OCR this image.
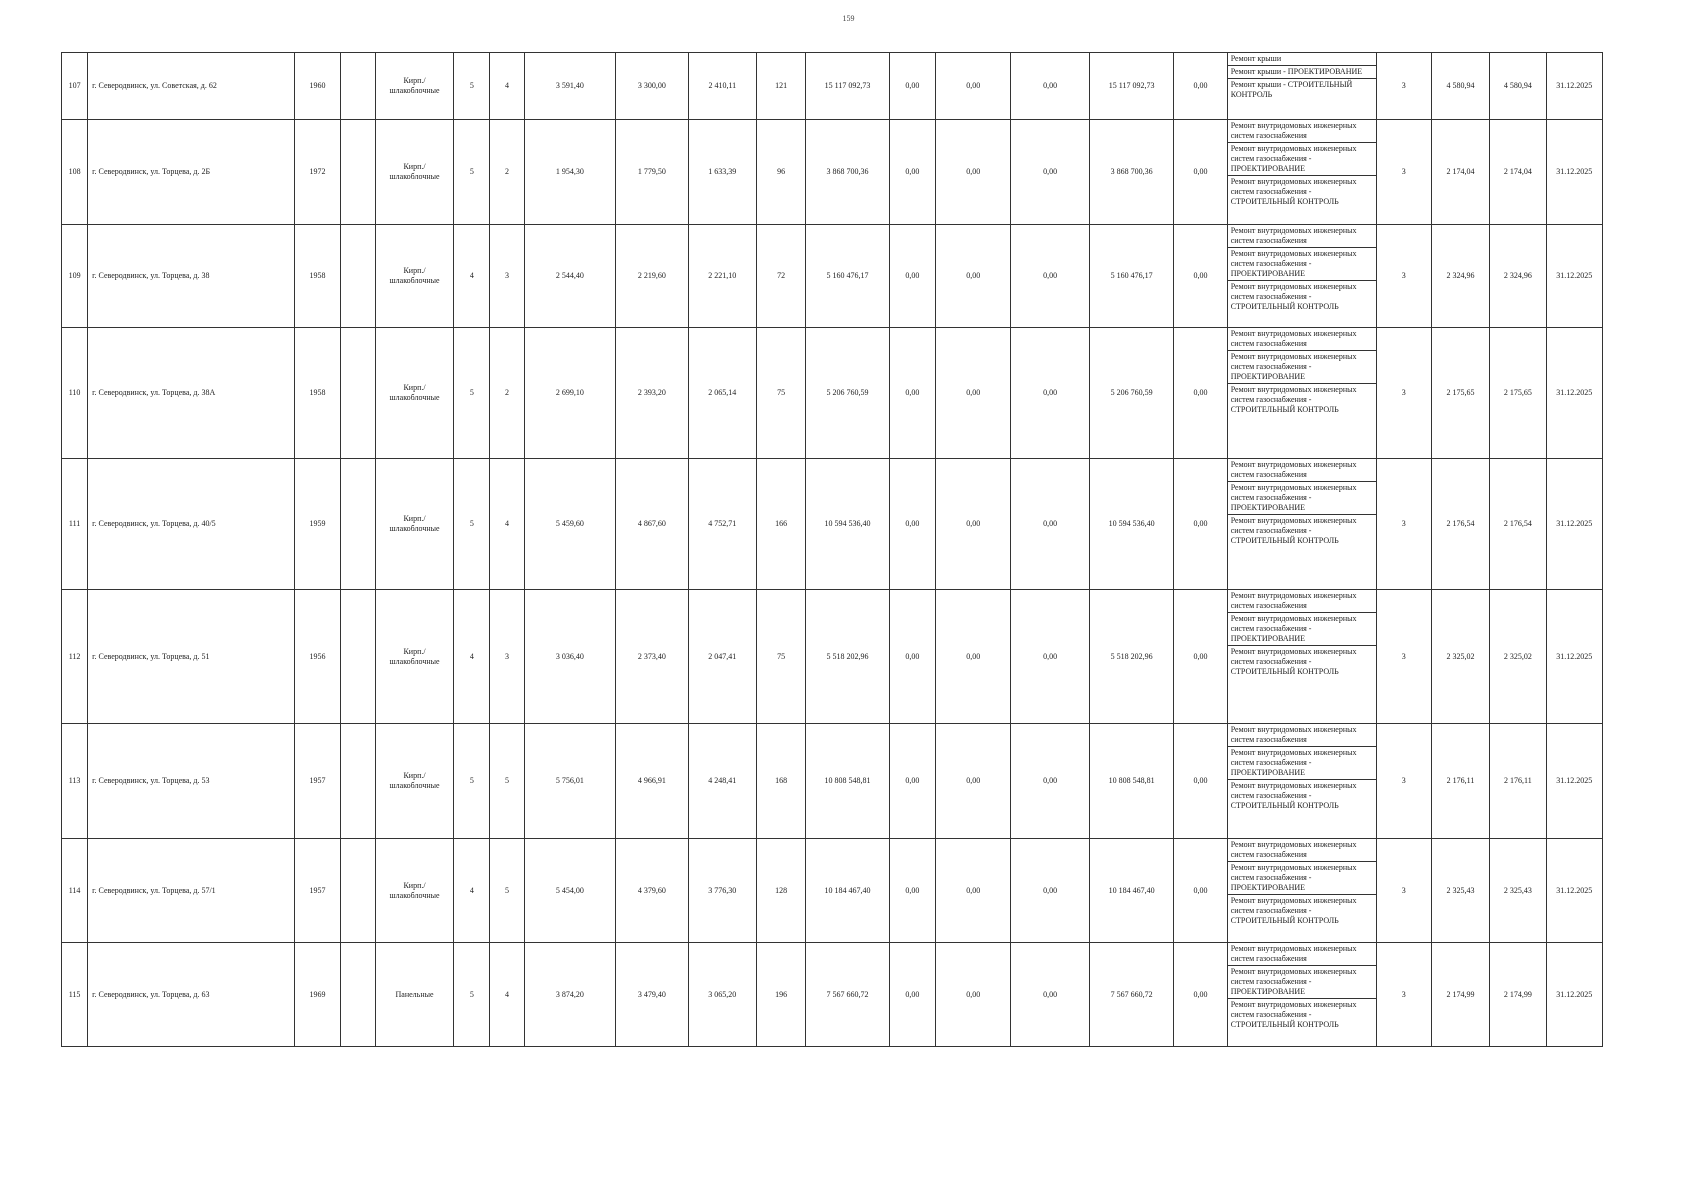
159
107	г. Северодвинск, ул. Советская, д. 62	1960		Кирп./ шлакоблочные	5	4	3 591,40	3 300,00	2 410,11	121	15 117 092,73	0,00	0,00	0,00	15 117 092,73	0,00	Ремонт крыши
Ремонт крыши - ПРОЕКТИРОВАНИЕ
Ремонт крыши - СТРОИТЕЛЬНЫЙ КОНТРОЛЬ	3	4 580,94	4 580,94	31.12.2025
108	г. Северодвинск, ул. Торцева, д. 2Б	1972		Кирп./ шлакоблочные	5	2	1 954,30	1 779,50	1 633,39	96	3 868 700,36	0,00	0,00	0,00	3 868 700,36	0,00	Ремонт внутридомовых инженерных систем газоснабжения
Ремонт внутридомовых инженерных систем газоснабжения - ПРОЕКТИРОВАНИЕ
Ремонт внутридомовых инженерных систем газоснабжения - СТРОИТЕЛЬНЫЙ КОНТРОЛЬ	3	2 174,04	2 174,04	31.12.2025
109	г. Северодвинск, ул. Торцева, д. 38	1958		Кирп./ шлакоблочные	4	3	2 544,40	2 219,60	2 221,10	72	5 160 476,17	0,00	0,00	0,00	5 160 476,17	0,00	Ремонт внутридомовых инженерных систем газоснабжения
Ремонт внутридомовых инженерных систем газоснабжения - ПРОЕКТИРОВАНИЕ
Ремонт внутридомовых инженерных систем газоснабжения - СТРОИТЕЛЬНЫЙ КОНТРОЛЬ	3	2 324,96	2 324,96	31.12.2025
110	г. Северодвинск, ул. Торцева, д. 38А	1958		Кирп./ шлакоблочные	5	2	2 699,10	2 393,20	2 065,14	75	5 206 760,59	0,00	0,00	0,00	5 206 760,59	0,00	Ремонт внутридомовых инженерных систем газоснабжения
Ремонт внутридомовых инженерных систем газоснабжения - ПРОЕКТИРОВАНИЕ
Ремонт внутридомовых инженерных систем газоснабжения - СТРОИТЕЛЬНЫЙ КОНТРОЛЬ	3	2 175,65	2 175,65	31.12.2025
111	г. Северодвинск, ул. Торцева, д. 40/5	1959		Кирп./ шлакоблочные	5	4	5 459,60	4 867,60	4 752,71	166	10 594 536,40	0,00	0,00	0,00	10 594 536,40	0,00	Ремонт внутридомовых инженерных систем газоснабжения
Ремонт внутридомовых инженерных систем газоснабжения - ПРОЕКТИРОВАНИЕ
Ремонт внутридомовых инженерных систем газоснабжения - СТРОИТЕЛЬНЫЙ КОНТРОЛЬ	3	2 176,54	2 176,54	31.12.2025
112	г. Северодвинск, ул. Торцева, д. 51	1956		Кирп./ шлакоблочные	4	3	3 036,40	2 373,40	2 047,41	75	5 518 202,96	0,00	0,00	0,00	5 518 202,96	0,00	Ремонт внутридомовых инженерных систем газоснабжения
Ремонт внутридомовых инженерных систем газоснабжения - ПРОЕКТИРОВАНИЕ
Ремонт внутридомовых инженерных систем газоснабжения - СТРОИТЕЛЬНЫЙ КОНТРОЛЬ	3	2 325,02	2 325,02	31.12.2025
113	г. Северодвинск, ул. Торцева, д. 53	1957		Кирп./ шлакоблочные	5	5	5 756,01	4 966,91	4 248,41	168	10 808 548,81	0,00	0,00	0,00	10 808 548,81	0,00	Ремонт внутридомовых инженерных систем газоснабжения
Ремонт внутридомовых инженерных систем газоснабжения - ПРОЕКТИРОВАНИЕ
Ремонт внутридомовых инженерных систем газоснабжения - СТРОИТЕЛЬНЫЙ КОНТРОЛЬ	3	2 176,11	2 176,11	31.12.2025
114	г. Северодвинск, ул. Торцева, д. 57/1	1957		Кирп./ шлакоблочные	4	5	5 454,00	4 379,60	3 776,30	128	10 184 467,40	0,00	0,00	0,00	10 184 467,40	0,00	Ремонт внутридомовых инженерных систем газоснабжения
Ремонт внутридомовых инженерных систем газоснабжения - ПРОЕКТИРОВАНИЕ
Ремонт внутридомовых инженерных систем газоснабжения - СТРОИТЕЛЬНЫЙ КОНТРОЛЬ	3	2 325,43	2 325,43	31.12.2025
115	г. Северодвинск, ул. Торцева, д. 63	1969		Панельные	5	4	3 874,20	3 479,40	3 065,20	196	7 567 660,72	0,00	0,00	0,00	7 567 660,72	0,00	Ремонт внутридомовых инженерных систем газоснабжения
Ремонт внутридомовых инженерных систем газоснабжения - ПРОЕКТИРОВАНИЕ
Ремонт внутридомовых инженерных систем газоснабжения - СТРОИТЕЛЬНЫЙ КОНТРОЛЬ	3	2 174,99	2 174,99	31.12.2025
